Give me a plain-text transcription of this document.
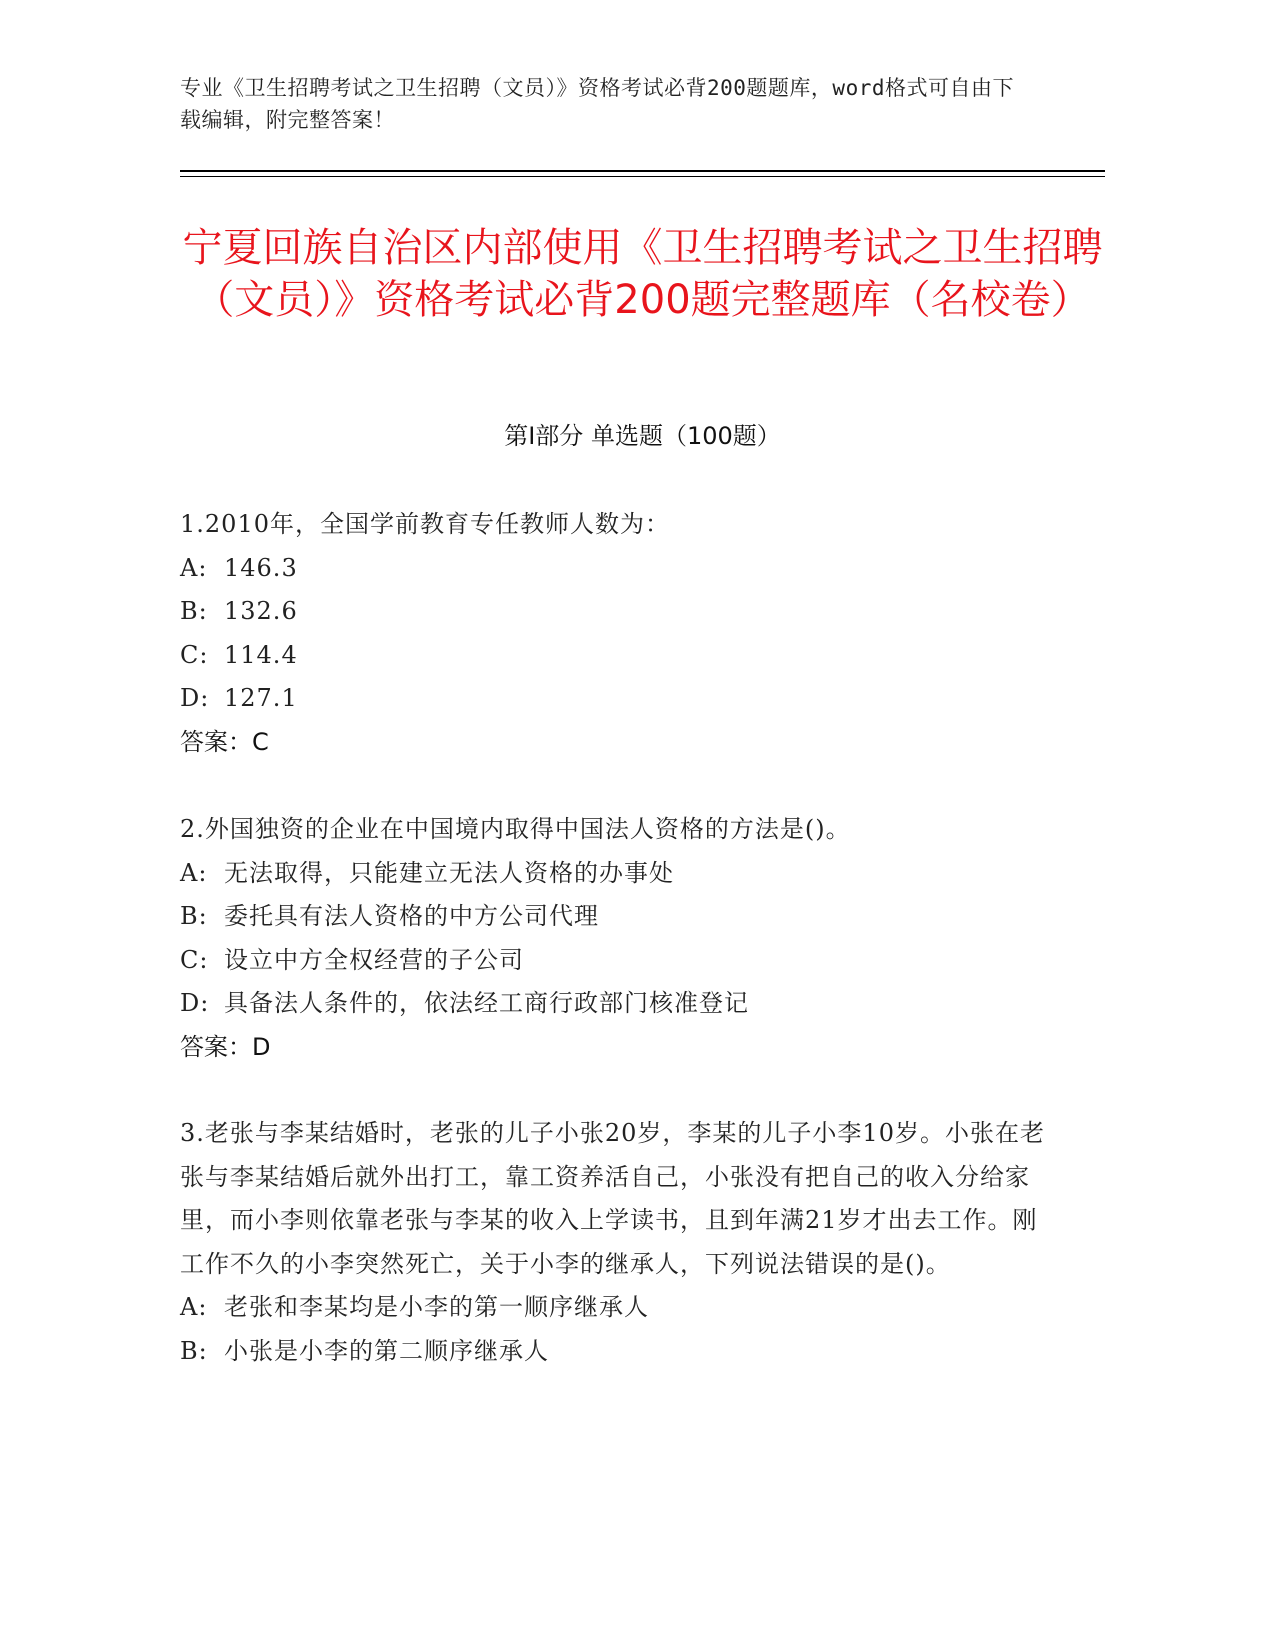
专业《卫生招聘考试之卫生招聘（文员）》资格考试必背200题题库，word格式可自由下载编辑，附完整答案！
宁夏回族自治区内部使用《卫生招聘考试之卫生招聘（文员）》资格考试必背200题完整题库（名校卷）
第Ⅰ部分 单选题（100题）
1.2010年，全国学前教育专任教师人数为：
A: 146.3
B: 132.6
C: 114.4
D: 127.1
答案：C
2.外国独资的企业在中国境内取得中国法人资格的方法是()。
A: 无法取得，只能建立无法人资格的办事处
B: 委托具有法人资格的中方公司代理
C: 设立中方全权经营的子公司
D: 具备法人条件的，依法经工商行政部门核准登记
答案：D
3.老张与李某结婚时，老张的儿子小张20岁，李某的儿子小李10岁。小张在老张与李某结婚后就外出打工，靠工资养活自己，小张没有把自己的收入分给家里，而小李则依靠老张与李某的收入上学读书，且到年满21岁才出去工作。刚工作不久的小李突然死亡，关于小李的继承人，下列说法错误的是()。
A: 老张和李某均是小李的第一顺序继承人
B: 小张是小李的第二顺序继承人
